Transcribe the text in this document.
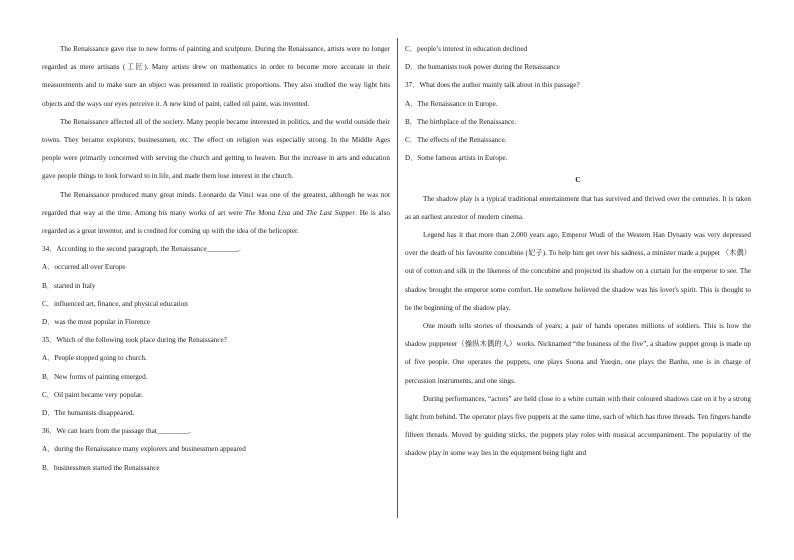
The Renaissance gave rise to new forms of painting and sculpture. During the Renaissance, artists were no longer regarded as mere artisans (工匠). Many artists drew on mathematics in order to become more accurate in their measurements and to make sure an object was presented in realistic proportions. They also studied the way light hits objects and the ways our eyes perceive it. A new kind of paint, called oil paint, was invented.

The Renaissance affected all of the society. Many people became interested in politics, and the world outside their towns. They became explorers, businessmen, etc. The effect on religion was especially strong. In the Middle Ages people were primarily concerned with serving the church and getting to heaven. But the increase in arts and education gave people things to look forward to in life, and made them lose interest in the church.

The Renaissance produced many great minds. Leonardo da Vinci was one of the greatest, although he was not regarded that way at the time. Among his many works of art were The Mona Lisa and The Last Supper. He is also regarded as a great inventor, and is credited for coming up with the idea of the helicopter.

34．According to the second paragraph, the Renaissance_________.
A．occurred all over Europe
B．started in Italy
C．influenced art, finance, and physical education
D．was the most popular in Florence
35．Which of the following took place during the Renaissance?
A．People stopped going to church.
B．New forms of painting emerged.
C．Oil paint became very popular.
D．The humanists disappeared.
36．We can learn from the passage that_________.
A．during the Renaissance many explorers and businessmen appeared
B．businessmen started the Renaissance
C．people’s interest in education declined
D．the humanists took power during the Renaissance
37．What does the author mainly talk about in this passage?
A．The Renaissance in Europe.
B．The birthplace of the Renaissance.
C．The effects of the Renaissance.
D．Some famous artists in Europe.
C

The shadow play is a typical traditional entertainment that has survived and thrived over the centuries. It is taken as an earliest ancestor of modern cinema.

Legend has it that more than 2,000 years ago, Emperor Wudi of the Western Han Dynasty was very depressed over the death of his favourite concubine (妃子). To help him get over his sadness, a minister made a puppet （木偶）out of cotton and silk in the likeness of the concubine and projected its shadow on a curtain for the emperor to see. The shadow brought the emperor some comfort. He somehow believed the shadow was his lover's spirit. This is thought to be the beginning of the shadow play.

One mouth tells stories of thousands of years; a pair of hands operates millions of soldiers. This is how the shadow puppeteer（操纵木偶的人）works. Nicknamed “the business of the five”, a shadow puppet group is made up of five people. One operates the puppets, one plays Suona and Yueqin, one plays the Banhu, one is in charge of percussion instruments, and one sings.

During performances, “actors” are held close to a white curtain with their coloured shadows cast on it by a strong light from behind. The operator plays five puppets at the same time, each of which has three threads. Ten fingers handle fifteen threads. Moved by guiding sticks, the puppets play roles with musical accompaniment. The popularity of the shadow play in some way lies in the equipment being light and
